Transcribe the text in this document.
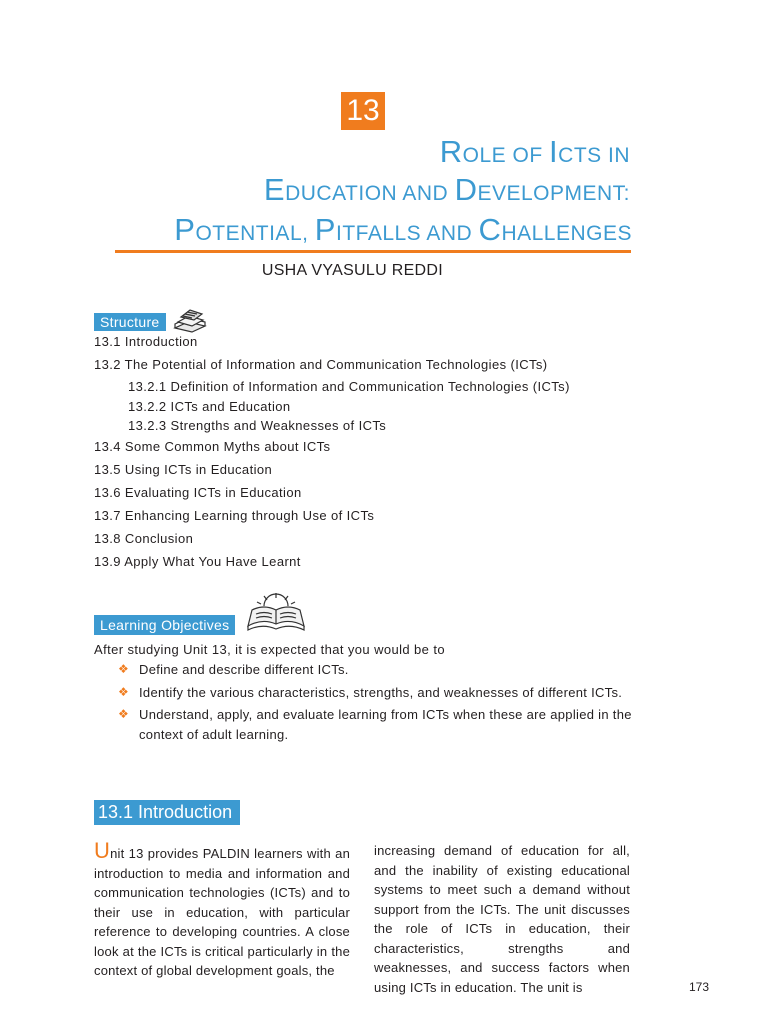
13
ROLE OF ICTS IN
EDUCATION AND DEVELOPMENT:
POTENTIAL, PITFALLS AND CHALLENGES
USHA VYASULU REDDI
Structure
13.1 Introduction
13.2 The Potential of Information and Communication Technologies (ICTs)
13.2.1 Definition of Information and Communication Technologies (ICTs)
13.2.2 ICTs and Education
13.2.3 Strengths and Weaknesses of ICTs
13.4 Some Common Myths about ICTs
13.5 Using ICTs in Education
13.6 Evaluating ICTs in Education
13.7 Enhancing Learning through Use of ICTs
13.8 Conclusion
13.9 Apply What You Have Learnt
Learning Objectives
After studying Unit 13, it is expected that you would be to
❖ Define and describe different ICTs.
❖ Identify the various characteristics, strengths, and weaknesses of different ICTs.
❖ Understand, apply, and evaluate learning from ICTs when these are applied in the context of adult learning.
13.1 Introduction
Unit 13 provides PALDIN learners with an introduction to media and information and communication technologies (ICTs) and to their use in education, with particular reference to developing countries. A close look at the ICTs is critical particularly in the context of global development goals, the
increasing demand of education for all, and the inability of existing educational systems to meet such a demand without support from the ICTs. The unit discusses the role of ICTs in education, their characteristics, strengths and weaknesses, and success factors when using ICTs in education. The unit is	173
